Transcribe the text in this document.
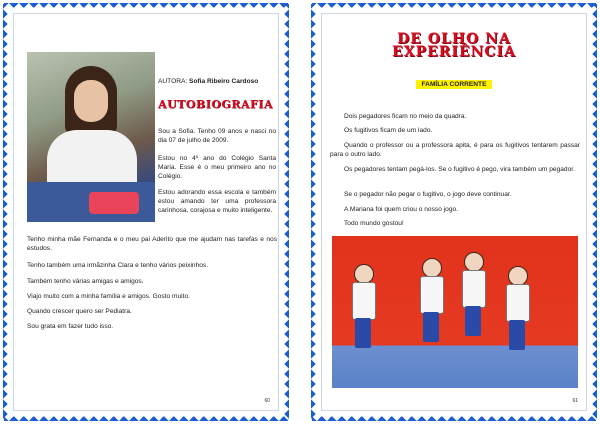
AUTORA: Sofia Ribeiro Cardoso
AUTOBIOGRAFIA
Sou a Sofia. Tenho 09 anos e nasci no dia 07 de julho de 2009.
Estou no 4º ano do Colégio Santa Maria. Esse é o meu primeiro ano no Colégio.
Estou adorando essa escola e também estou amando ter uma professora carinhosa, corajosa e muito inteligente.
Tenho minha mãe Fernanda e o meu pai Aderito que me ajudam nas tarefas e nos estudos.
Tenho também uma irmãzinha Clara e tenho vários peixinhos.
Também tenho várias amigas e amigos.
Viajo muito com a minha família e amigos. Gosto muito.
Quando crescer quero ser Pediatra.
Sou grata em fazer tudo isso.
60
DE OLHO NA
EXPERIÊNCIA
FAMÍLIA CORRENTE
Dois pegadores ficam no meio da quadra.
Os fugitivos ficam de um lado.
Quando o professor ou a professora apita, é para os fugitivos tentarem passar para o outro lado.
Os pegadores tentam pegá-los. Se o fugitivo é pego, vira também um pegador.
Se o pegador não pegar o fugitivo, o jogo deve continuar.
A Mariana foi quem criou o nosso jogo.
Todo mundo gostou!
61
